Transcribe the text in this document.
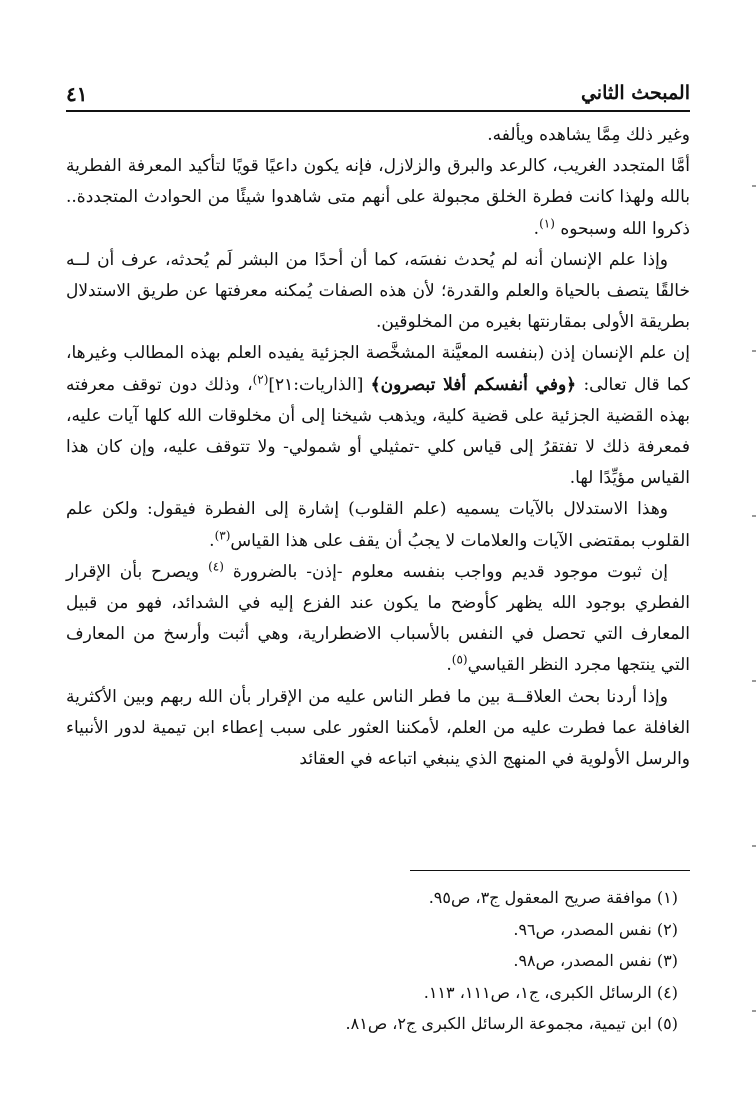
المبحث الثاني
٤١

وغير ذلك مِمَّا يشاهده ويألفه.

أمَّا المتجدد الغريب، كالرعد والبرق والزلازل، فإنه يكون داعيًا قويًا لتأكيد المعرفة الفطرية بالله ولهذا كانت فطرة الخلق مجبولة على أنهم متى شاهدوا شيئًا من الحوادث المتجددة.. ذكروا الله وسبحوه $^{(١)}$.

وإذا علم الإنسان أنه لم يُحدث نفسَه، كما أن أحدًا من البشر لَم يُحدثه، عرف أن لــه خالقًا يتصف بالحياة والعلم والقدرة؛ لأن هذه الصفات يُمكنه معرفتها عن طريق الاستدلال بطريقة الأولى بمقارنتها بغيره من المخلوقين.

إن علم الإنسان إذن (بنفسه المعيَّنة المشخَّصة الجزئية يفيده العلم بهذه المطالب وغيرها، كما قال تعالى: ﴿وفي أنفسكم أفلا تبصرون﴾ [الذاريات:٢١]$^{(٢)}$، وذلك دون توقف معرفته بهذه القضية الجزئية على قضية كلية، ويذهب شيخنا إلى أن مخلوقات الله كلها آيات عليه، فمعرفة ذلك لا تفتقرُ إلى قياس كلي -تمثيلي أو شمولي- ولا تتوقف عليه، وإن كان هذا القياس مؤيِّدًا لها.

وهذا الاستدلال بالآيات يسميه (علم القلوب) إشارة إلى الفطرة فيقول: ولكن علم القلوب بمقتضى الآيات والعلامات لا يجبُ أن يقف على هذا القياس$^{(٣)}$.

إن ثبوت موجود قديم وواجب بنفسه معلوم -إذن- بالضرورة $^{(٤)}$ ويصرح بأن الإقرار الفطري بوجود الله يظهر كأوضح ما يكون عند الفزع إليه في الشدائد، فهو من قبيل المعارف التي تحصل في النفس بالأسباب الاضطرارية، وهي أثبت وأرسخ من المعارف التي ينتجها مجرد النظر القياسي$^{(٥)}$.

وإذا أردنا بحث العلاقــة بين ما فطر الناس عليه من الإقرار بأن الله ربهم وبين الأكثرية الغافلة عما فطرت عليه من العلم، لأمكننا العثور على سبب إعطاء ابن تيمية لدور الأنبياء والرسل الأولوية في المنهج الذي ينبغي اتباعه في العقائد

(١) موافقة صريح المعقول ج٣، ص٩٥.
(٢) نفس المصدر، ص٩٦.
(٣) نفس المصدر، ص٩٨.
(٤) الرسائل الكبرى، ج١، ص١١١، ١١٣.
(٥) ابن تيمية، مجموعة الرسائل الكبرى ج٢، ص٨١.
